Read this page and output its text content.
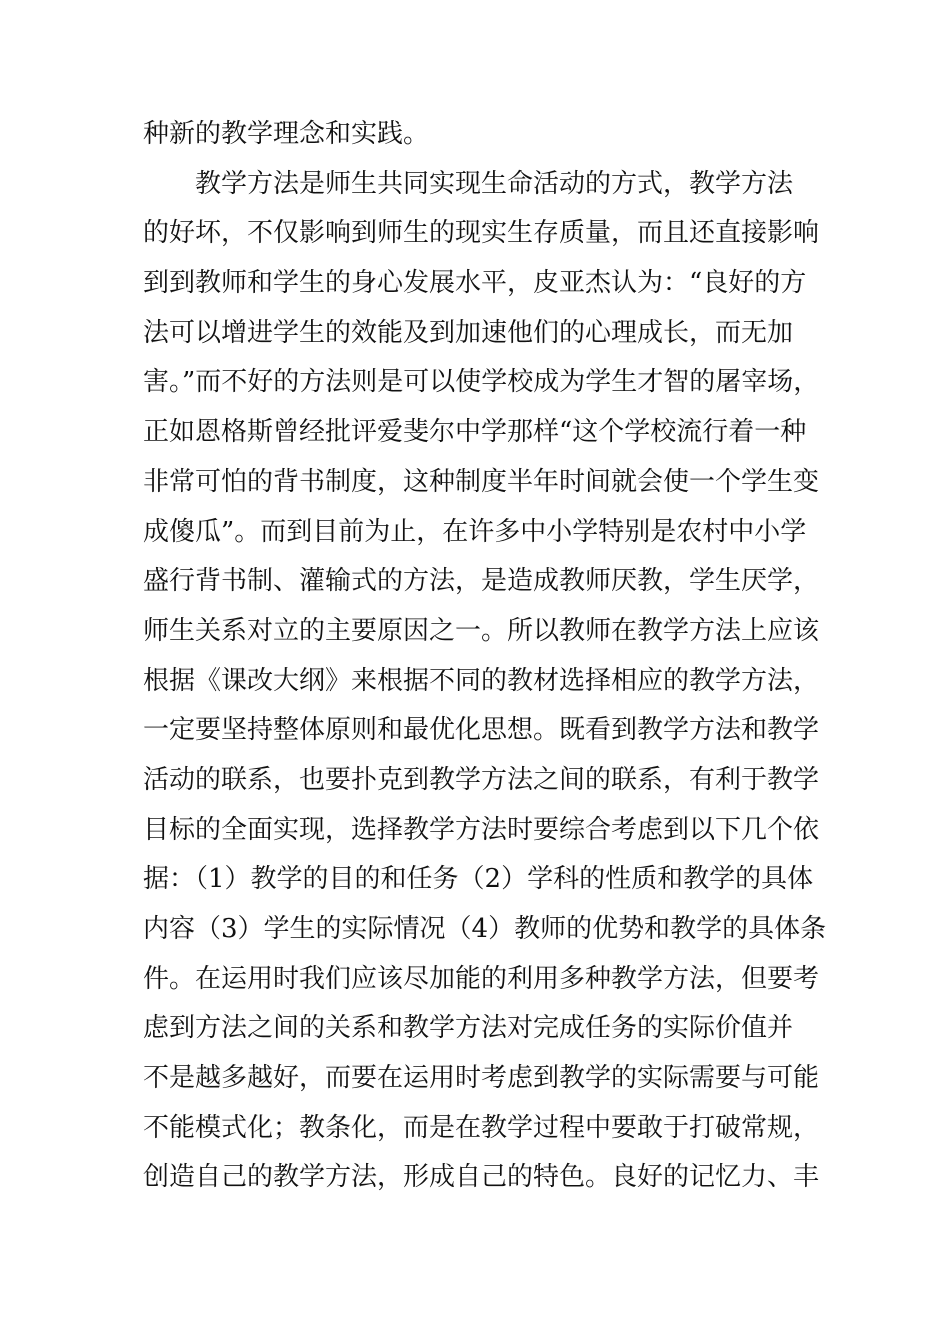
种新的教学理念和实践。
　　教学方法是师生共同实现生命活动的方式，教学方法
的好坏，不仅影响到师生的现实生存质量，而且还直接影响
到到教师和学生的身心发展水平，皮亚杰认为：“良好的方
法可以增进学生的效能及到加速他们的心理成长，而无加
害。”而不好的方法则是可以使学校成为学生才智的屠宰场，
正如恩格斯曾经批评爱斐尔中学那样“这个学校流行着一种
非常可怕的背书制度，这种制度半年时间就会使一个学生变
成傻瓜”。而到目前为止，在许多中小学特别是农村中小学
盛行背书制、灌输式的方法，是造成教师厌教，学生厌学，
师生关系对立的主要原因之一。所以教师在教学方法上应该
根据《课改大纲》来根据不同的教材选择相应的教学方法，
一定要坚持整体原则和最优化思想。既看到教学方法和教学
活动的联系，也要扑克到教学方法之间的联系，有利于教学
目标的全面实现，选择教学方法时要综合考虑到以下几个依
据：（1）教学的目的和任务（2）学科的性质和教学的具体
内容（3）学生的实际情况（4）教师的优势和教学的具体条
件。在运用时我们应该尽加能的利用多种教学方法，但要考
虑到方法之间的关系和教学方法对完成任务的实际价值并
不是越多越好，而要在运用时考虑到教学的实际需要与可能
不能模式化；教条化，而是在教学过程中要敢于打破常规，
创造自己的教学方法，形成自己的特色。良好的记忆力、丰
